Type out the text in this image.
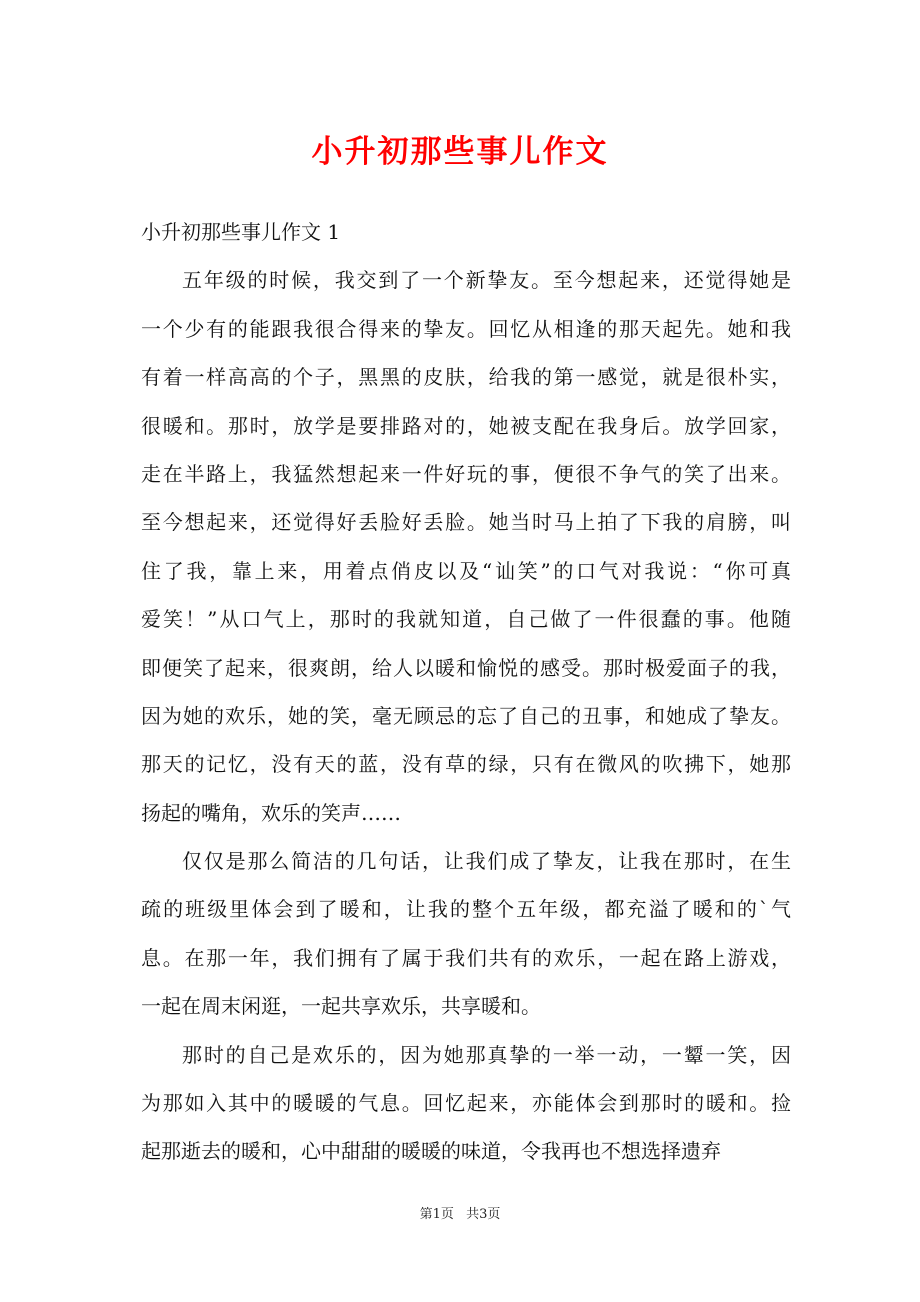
小升初那些事儿作文
小升初那些事儿作文 1
五年级的时候，我交到了一个新挚友。至今想起来，还觉得她是
一个少有的能跟我很合得来的挚友。回忆从相逢的那天起先。她和我
有着一样高高的个子，黑黑的皮肤，给我的第一感觉，就是很朴实，
很暖和。那时，放学是要排路对的，她被支配在我身后。放学回家，
走在半路上，我猛然想起来一件好玩的事，便很不争气的笑了出来。
至今想起来，还觉得好丢脸好丢脸。她当时马上拍了下我的肩膀，叫
住了我，靠上来，用着点俏皮以及“讪笑”的口气对我说：“你可真
爱笑！”从口气上，那时的我就知道，自己做了一件很蠢的事。他随
即便笑了起来，很爽朗，给人以暖和愉悦的感受。那时极爱面子的我，
因为她的欢乐，她的笑，毫无顾忌的忘了自己的丑事，和她成了挚友。
那天的记忆，没有天的蓝，没有草的绿，只有在微风的吹拂下，她那
扬起的嘴角，欢乐的笑声……
仅仅是那么简洁的几句话，让我们成了挚友，让我在那时，在生
疏的班级里体会到了暖和，让我的整个五年级，都充溢了暖和的`气
息。在那一年，我们拥有了属于我们共有的欢乐，一起在路上游戏，
一起在周末闲逛，一起共享欢乐，共享暖和。
那时的自己是欢乐的，因为她那真挚的一举一动，一颦一笑，因
为那如入其中的暖暖的气息。回忆起来，亦能体会到那时的暖和。捡
起那逝去的暖和，心中甜甜的暖暖的味道，令我再也不想选择遗弃
第1页 共3页
